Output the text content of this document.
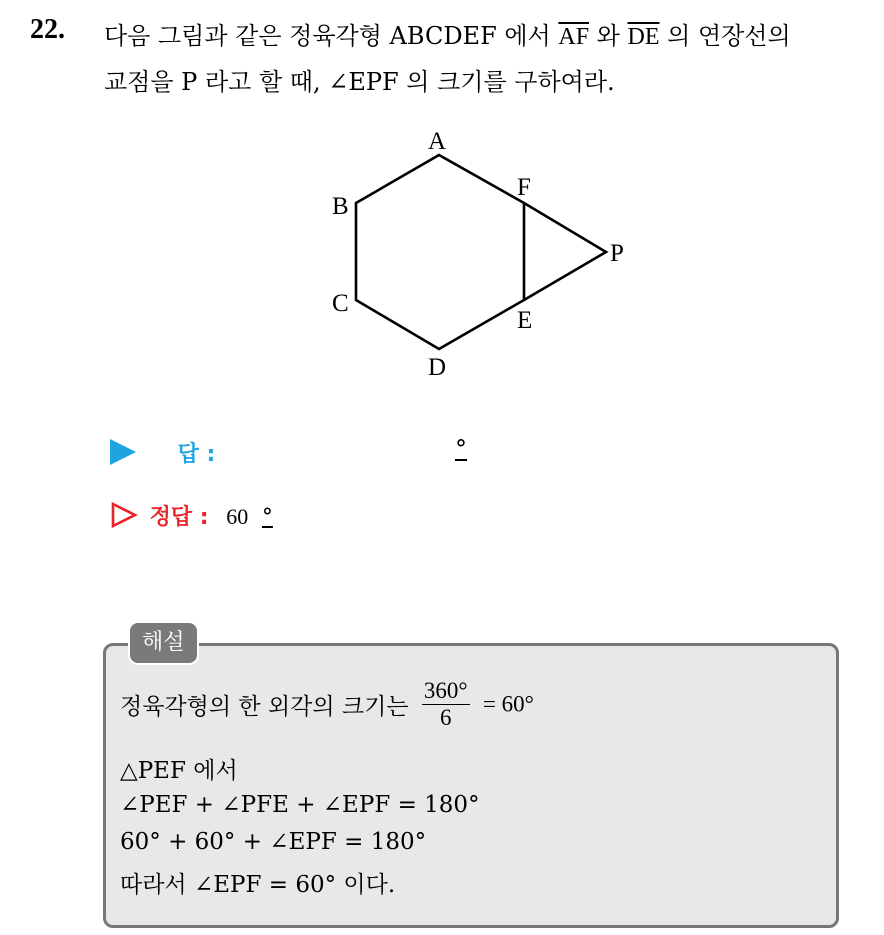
22. 다음 그림과 같은 정육각형 ABCDEF 에서 $\overline{AF}$ 와 $\overline{DE}$ 의 연장선의
교점을 P 라고 할 때, ∠EPF 의 크기를 구하여라.
A
B
C
D
E
F
P
답 :	°
정답 : 60 °
해설
정육각형의 한 외각의 크기는 $\frac{360^\circ}{6} = 60^\circ$
△PEF 에서
∠PEF + ∠PFE + ∠EPF = 180°
60° + 60° + ∠EPF = 180°
따라서 ∠EPF = 60° 이다.
